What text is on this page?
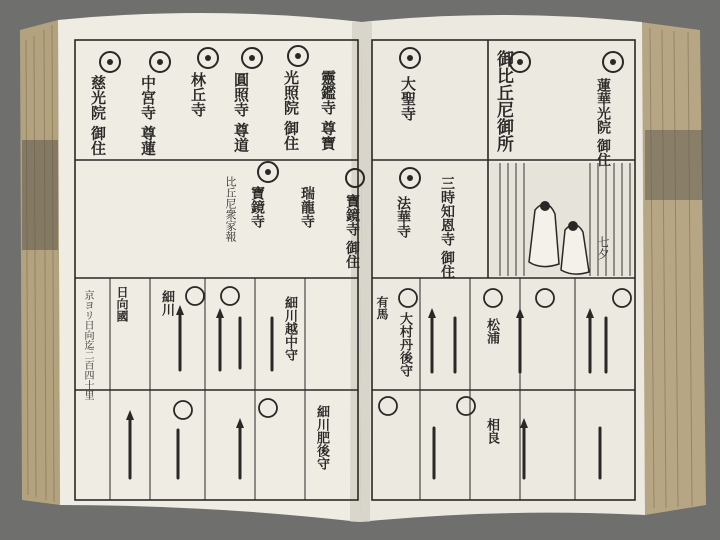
慈光院 御住 中宮寺 尊蓮 林丘寺 圓照寺 尊道 光照院 御住 靈鑑寺 尊寶
寶鏡寺
比丘尼衆家報	瑞龍寺
日向國 細川	細川越中守
細川肥後守
京ヨリ日向迄二百四十里
御比丘尼御所	蓮華光院 御住
大聖寺
寶鏡寺 御住	三時知恩寺 御住
法華寺
七夕
大村丹後守
有馬
松浦
相良
